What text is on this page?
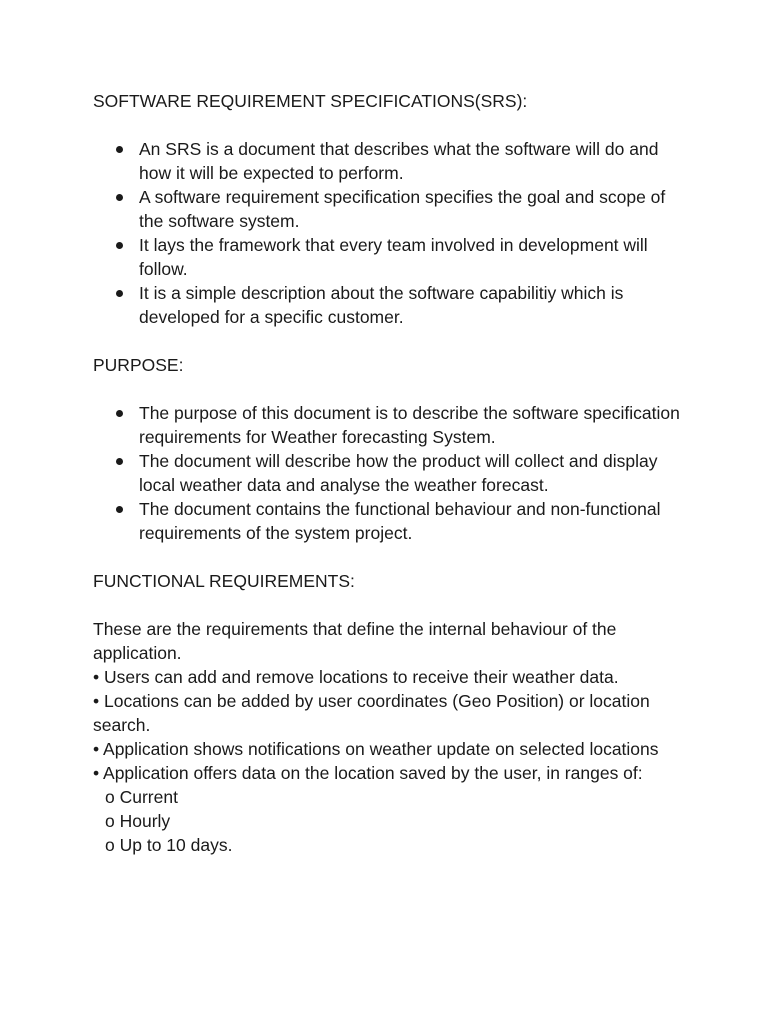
SOFTWARE REQUIREMENT SPECIFICATIONS(SRS):
An SRS is a document that describes what the software will do and how it will be expected to perform.
A software requirement specification specifies the goal and scope of the software system.
It lays the framework that every team involved in development will follow.
It is a simple description about the software capabilitiy which is developed for a specific customer.
PURPOSE:
The purpose of this document is to describe the software specification requirements for Weather forecasting System.
The document will describe how the product will collect and display local weather data and analyse the weather forecast.
The document contains the functional behaviour and non-functional requirements of the system project.
FUNCTIONAL REQUIREMENTS:

These are the requirements that define the internal behaviour of the application.

• Users can add and remove locations to receive their weather data.

• Locations can be added by user coordinates (Geo Position) or location search.

• Application shows notifications on weather update on selected locations

• Application offers data on the location saved by the user, in ranges of:

o Current

o Hourly

o Up to 10 days.
